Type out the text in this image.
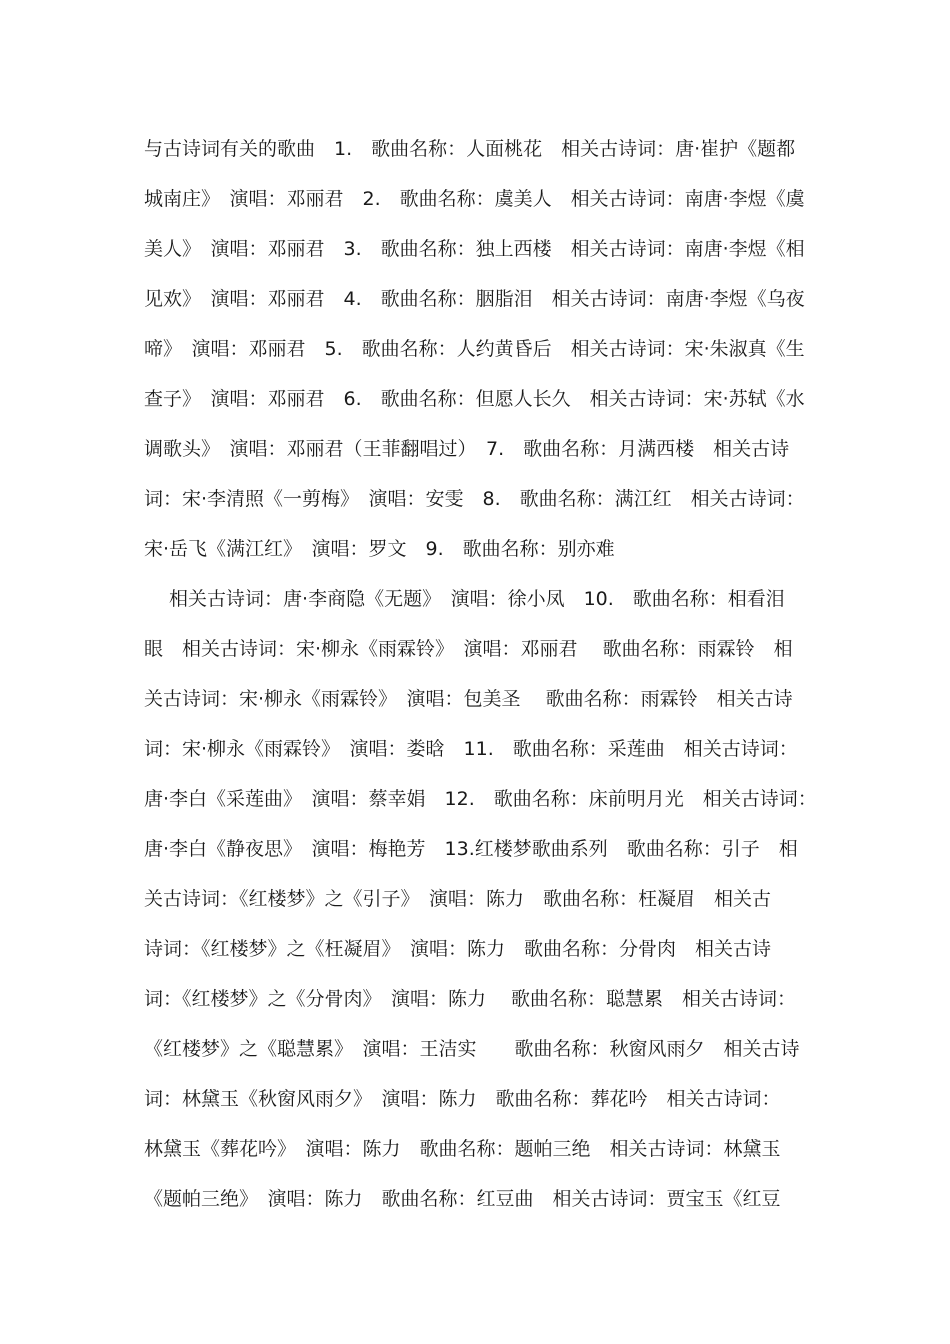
与古诗词有关的歌曲　1.　歌曲名称：人面桃花　相关古诗词：唐·崔护《题都
城南庄》　演唱：邓丽君　2.　歌曲名称：虞美人　相关古诗词：南唐·李煜《虞
美人》　演唱：邓丽君　3.　歌曲名称：独上西楼　相关古诗词：南唐·李煜《相
见欢》　演唱：邓丽君　4.　歌曲名称：胭脂泪　相关古诗词：南唐·李煜《乌夜
啼》　演唱：邓丽君　5.　歌曲名称：人约黄昏后　相关古诗词：宋·朱淑真《生
查子》　演唱：邓丽君　6.　歌曲名称：但愿人长久　相关古诗词：宋·苏轼《水
调歌头》　演唱：邓丽君（王菲翻唱过）　7.　歌曲名称：月满西楼　相关古诗
词：宋·李清照《一剪梅》　演唱：安雯　8.　歌曲名称：满江红　相关古诗词：
宋·岳飞《满江红》　演唱：罗文　9.　歌曲名称：别亦难
　 相关古诗词：唐·李商隐《无题》　演唱：徐小凤　10.　歌曲名称：相看泪
眼　相关古诗词：宋·柳永《雨霖铃》　演唱：邓丽君　 歌曲名称：雨霖铃　相
关古诗词：宋·柳永《雨霖铃》　演唱：包美圣　 歌曲名称：雨霖铃　相关古诗
词：宋·柳永《雨霖铃》　演唱：娄晗　11.　歌曲名称：采莲曲　相关古诗词：
唐·李白《采莲曲》　演唱：蔡幸娟　12.　歌曲名称：床前明月光　相关古诗词：
唐·李白《静夜思》　演唱：梅艳芳　13.红楼梦歌曲系列　歌曲名称：引子　相
关古诗词：《红楼梦》之《引子》　演唱：陈力　歌曲名称：枉凝眉　相关古
诗词：《红楼梦》之《枉凝眉》　演唱：陈力　歌曲名称：分骨肉　相关古诗
词：《红楼梦》之《分骨肉》　演唱：陈力　 歌曲名称：聪慧累　相关古诗词：
《红楼梦》之《聪慧累》　演唱：王洁实　　歌曲名称：秋窗风雨夕　相关古诗
词：林黛玉《秋窗风雨夕》　演唱：陈力　歌曲名称：葬花吟　相关古诗词：
林黛玉《葬花吟》　演唱：陈力　歌曲名称：题帕三绝　相关古诗词：林黛玉
《题帕三绝》　演唱：陈力　歌曲名称：红豆曲　相关古诗词：贾宝玉《红豆
